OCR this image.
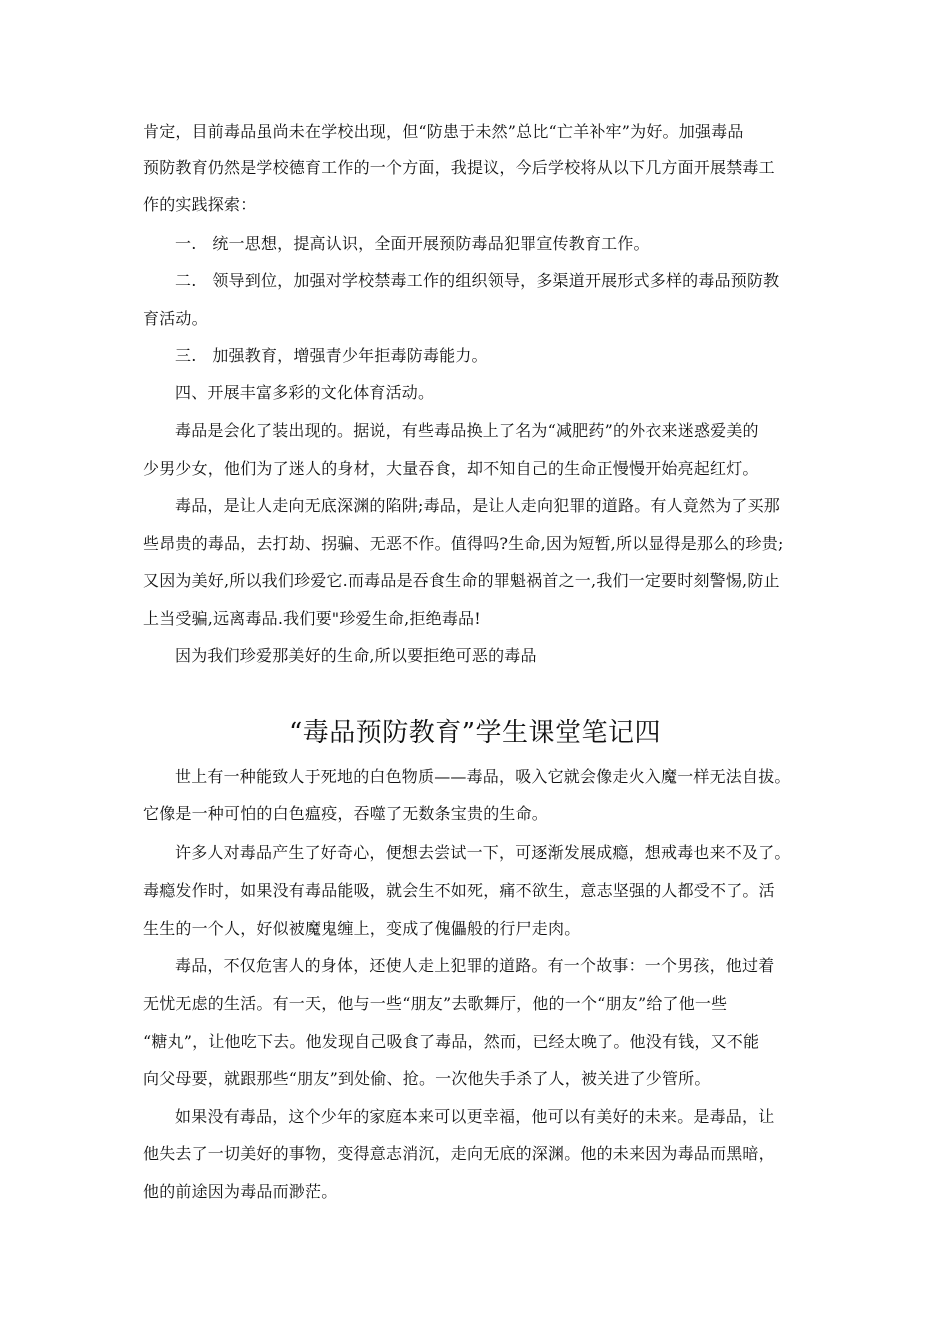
肯定，目前毒品虽尚未在学校出现，但“防患于未然”总比“亡羊补牢”为好。加强毒品
预防教育仍然是学校德育工作的一个方面，我提议，今后学校将从以下几方面开展禁毒工
作的实践探索：
一.   统一思想，提高认识，全面开展预防毒品犯罪宣传教育工作。
二.   领导到位，加强对学校禁毒工作的组织领导，多渠道开展形式多样的毒品预防教
育活动。
三.   加强教育，增强青少年拒毒防毒能力。
四、开展丰富多彩的文化体育活动。
毒品是会化了装出现的。据说，有些毒品换上了名为“减肥药”的外衣来迷惑爱美的
少男少女，他们为了迷人的身材，大量吞食，却不知自己的生命正慢慢开始亮起红灯。
毒品，是让人走向无底深渊的陷阱;毒品，是让人走向犯罪的道路。有人竟然为了买那
些昂贵的毒品，去打劫、拐骗、无恶不作。值得吗?生命,因为短暂,所以显得是那么的珍贵;
又因为美好,所以我们珍爱它.而毒品是吞食生命的罪魁祸首之一,我们一定要时刻警惕,防止
上当受骗,远离毒品.我们要"珍爱生命,拒绝毒品!
因为我们珍爱那美好的生命,所以要拒绝可恶的毒品
“毒品预防教育”学生课堂笔记四
世上有一种能致人于死地的白色物质——毒品，吸入它就会像走火入魔一样无法自拔。
它像是一种可怕的白色瘟疫，吞噬了无数条宝贵的生命。
许多人对毒品产生了好奇心，便想去尝试一下，可逐渐发展成瘾，想戒毒也来不及了。
毒瘾发作时，如果没有毒品能吸，就会生不如死，痛不欲生，意志坚强的人都受不了。活
生生的一个人，好似被魔鬼缠上，变成了傀儡般的行尸走肉。
毒品，不仅危害人的身体，还使人走上犯罪的道路。有一个故事：一个男孩，他过着
无忧无虑的生活。有一天，他与一些“朋友”去歌舞厅，他的一个“朋友”给了他一些
“糖丸”，让他吃下去。他发现自己吸食了毒品，然而，已经太晚了。他没有钱，又不能
向父母要，就跟那些“朋友”到处偷、抢。一次他失手杀了人，被关进了少管所。
如果没有毒品，这个少年的家庭本来可以更幸福，他可以有美好的未来。是毒品，让
他失去了一切美好的事物，变得意志消沉，走向无底的深渊。他的未来因为毒品而黑暗，
他的前途因为毒品而渺茫。
